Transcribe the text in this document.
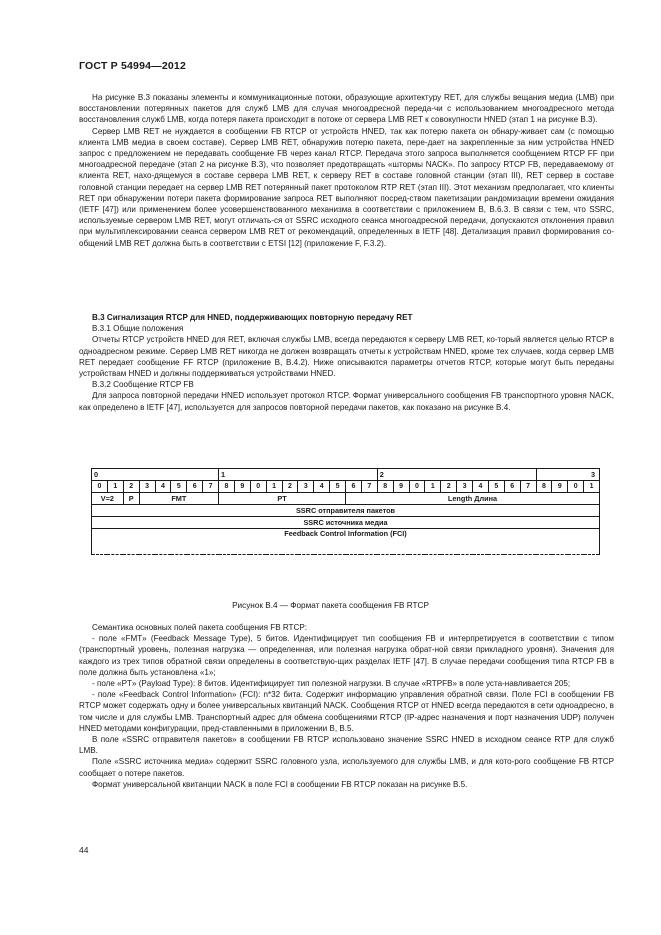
ГОСТ Р 54994—2012

На рисунке В.3 показаны элементы и коммуникационные потоки, образующие архитектуру RET, для службы вещания медиа (LMB) при восстановлении потерянных пакетов для служб LMB для случая многоадресной переда-чи с использованием многоадресного метода восстановления служб LMB, когда потеря пакета происходит в потоке от сервера LMB RET к совокупности HNED (этап 1 на рисунке В.3).

Сервер LMB RET не нуждается в сообщении FB RTCP от устройств HNED, так как потерю пакета он обнару-живает сам (с помощью клиента LMB медиа в своем составе). Сервер LMB RET, обнаружив потерю пакета, пере-дает на закрепленные за ним устройства HNED запрос с предложением не передавать сообщение FB через канал RTCP. Передача этого запроса выполняется сообщением RTCP FF при многоадресной передаче (этап 2 на рисунке В.3), что позволяет предотвращать «штормы NACK». По запросу RTCP FB, передаваемому от клиента RET, нахо-дящемуся в составе сервера LMB RET, к серверу RET в составе головной станции (этап III), RET сервер в составе головной станции передает на сервер LMB RET потерянный пакет протоколом RTP RET (этап III). Этот механизм предполагает, что клиенты RET при обнаружении потери пакета формирование запроса RET выполняют посред-ством пакетизации рандомизации времени ожидания (IETF [47]) или применением более усовершенствованного механизма в соответствии с приложением В, В.6.3. В связи с тем, что SSRC, используемые сервером LMB RET, могут отличать-ся от SSRC исходного сеанса многоадресной передачи, допускаются отклонения правил при мультиплексировании сеанса сервером LMB RET от рекомендаций, определенных в IETF [48]. Детализация правил формирования со-общений LMB RET должна быть в соответствии с ETSI [12] (приложение F, F.3.2).

В.3 Сигнализация RTCP для HNED, поддерживающих повторную передачу RET

В.3.1 Общие положения

Отчеты RTCP устройств HNED для RET, включая службы LMB, всегда передаются к серверу LMB RET, ко-торый является целью RTCP в одноадресном режиме. Сервер LMB RET никогда не должен возвращать отчеты к устройствам HNED, кроме тех случаев, когда сервер LMB RET передает сообщение FF RTCP (приложение В, В.4.2). Ниже описываются параметры отчетов RTCP, которые могут быть переданы устройствам HNED и должны поддерживаться устройствами HNED.

В.3.2 Сообщение RTCP FB

Для запроса повторной передачи HNED использует протокол RTCP. Формат универсального сообщения FB транспортного уровня NACK, как определено в IETF [47], используется для запросов повторной передачи пакетов, как показано на рисунке В.4.

0								1										2										3			
0	1	2	3	4	5	6	7	8	9	0	1	2	3	4	5	6	7	8	9	0	1	2	3	4	5	6	7	8	9	0	1
V=2		P	FMT					PT								Length Длина															
SSRC отправителя пакетов																															
SSRC источника медиа																															
Feedback Control Information (FCI)																															

Рисунок В.4 — Формат пакета сообщения FB RTCP

Семантика основных полей пакета сообщения FB RTCP:

- поле «FMT» (Feedback Message Type), 5 битов. Идентифицирует тип сообщения FB и интерпретируется в соответствии с типом (транспортный уровень, полезная нагрузка — определенная, или полезная нагрузка обрат-ной связи прикладного уровня). Значения для каждого из трех типов обратной связи определены в соответствую-щих разделах IETF [47]. В случае передачи сообщения типа RTCP FB в поле должна быть установлена «1»;

- поле «PT» (Payload Type): 8 битов. Идентифицирует тип полезной нагрузки. В случае «RTPFB» в поле уста-навливается 205;

- поле «Feedback Control Information» (FCI): n*32 бита. Содержит информацию управления обратной связи. Поле FCI в сообщении FB RTCP может содержать одну и более универсальных квитанций NACK. Сообщения RTCP от HNED всегда передаются в сети одноадресно, в том числе и для службы LMB. Транспортный адрес для обмена сообщениями RTCP (IP-адрес назначения и порт назначения UDP) получен HNED методами конфигурации, пред-ставленными в приложении В, В.5.

В поле «SSRC отправителя пакетов» в сообщении FB RTCP использовано значение SSRC HNED в исходном сеансе RTP для служб LMB.

Поле «SSRC источника медиа» содержит SSRC головного узла, используемого для службы LMB, и для кото-рого сообщение FB RTCP сообщает о потере пакетов.

Формат универсальной квитанции NACK в поле FCI в сообщении FB RTCP показан на рисунке В.5.

44
